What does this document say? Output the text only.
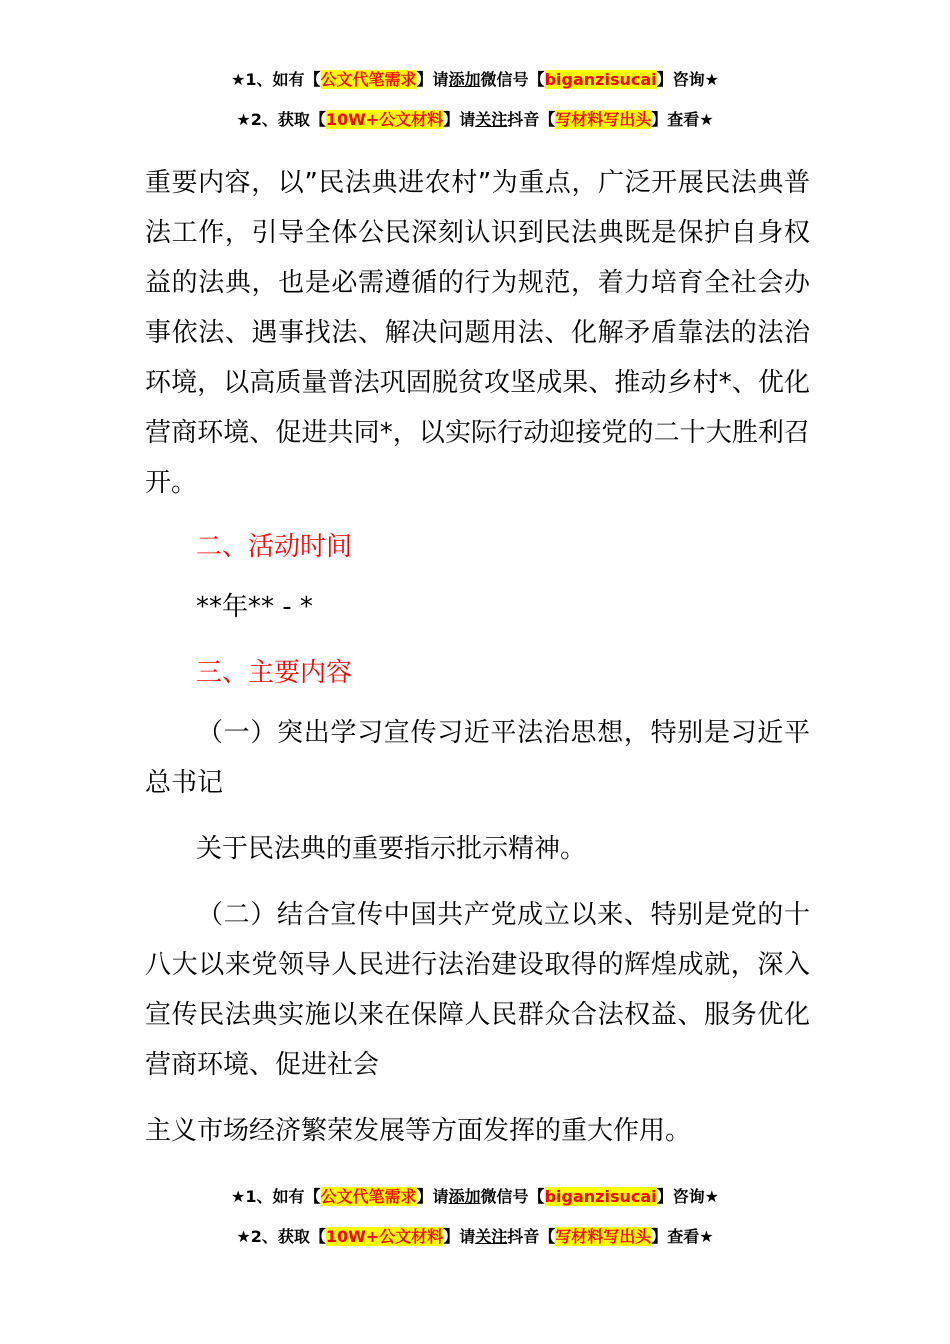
★1、如有【公文代笔需求】请添加微信号【biganzisucai】咨询★
★2、获取【10W+公文材料】请关注抖音【写材料写出头】查看★

重要内容，以”民法典进农村”为重点，广泛开展民法典普法工作，引导全体公民深刻认识到民法典既是保护自身权益的法典，也是必需遵循的行为规范，着力培育全社会办事依法、遇事找法、解决问题用法、化解矛盾靠法的法治环境，以高质量普法巩固脱贫攻坚成果、推动乡村*、优化营商环境、促进共同*，以实际行动迎接党的二十大胜利召开。

二、活动时间

**年** - *

三、主要内容

（一）突出学习宣传习近平法治思想，特别是习近平总书记

关于民法典的重要指示批示精神。

（二）结合宣传中国共产党成立以来、特别是党的十八大以来党领导人民进行法治建设取得的辉煌成就，深入宣传民法典实施以来在保障人民群众合法权益、服务优化营商环境、促进社会

主义市场经济繁荣发展等方面发挥的重大作用。

★1、如有【公文代笔需求】请添加微信号【biganzisucai】咨询★
★2、获取【10W+公文材料】请关注抖音【写材料写出头】查看★
